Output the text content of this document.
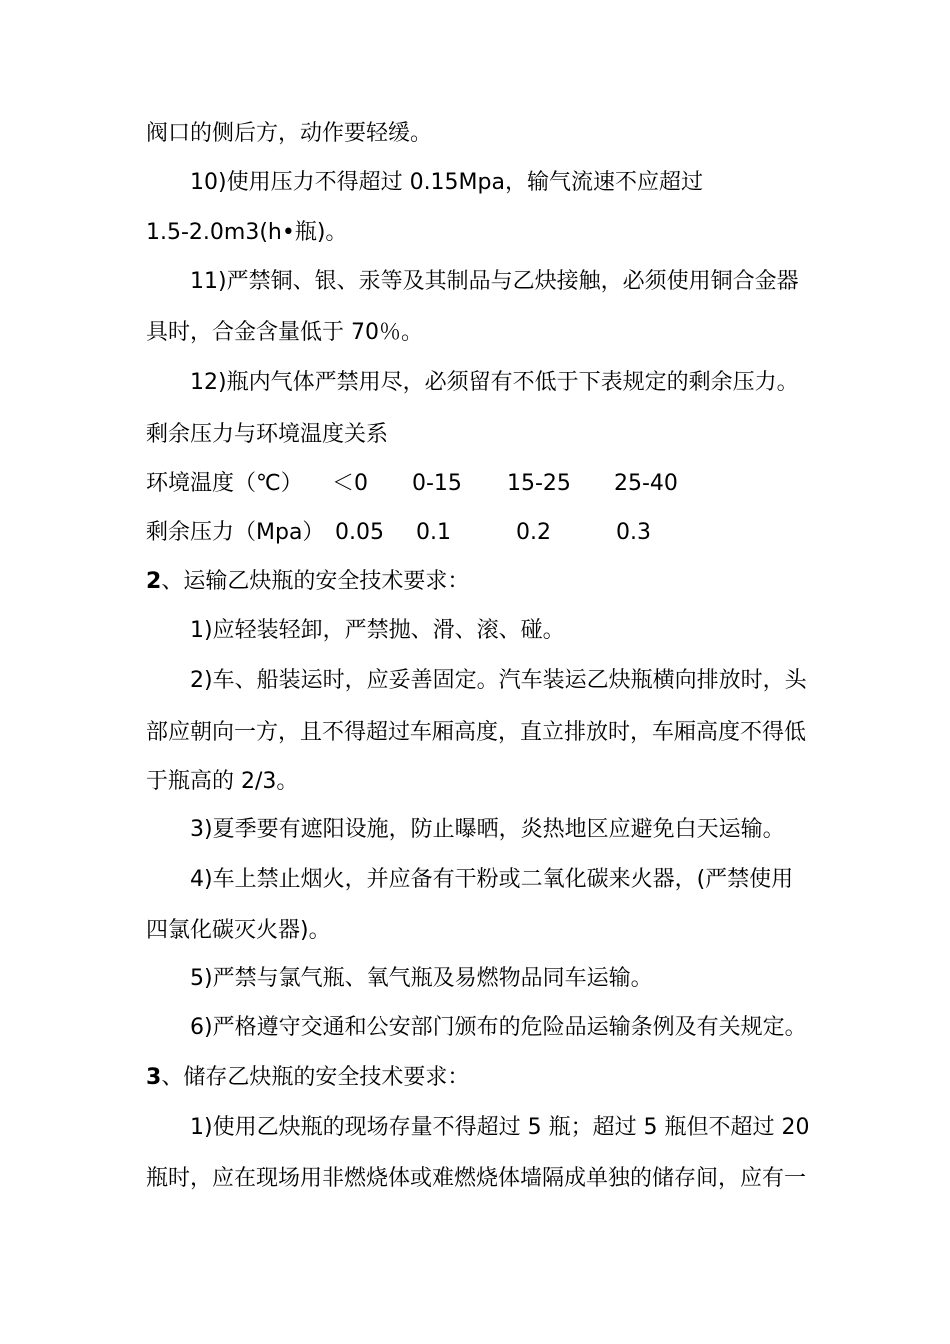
阀口的侧后方，动作要轻缓。
10)使用压力不得超过 0.15Mpa，输气流速不应超过
1.5-2.0m3(h•瓶)。
11)严禁铜、银、汞等及其制品与乙炔接触，必须使用铜合金器
具时，合金含量低于 70％。
12)瓶内气体严禁用尽，必须留有不低于下表规定的剩余压力。
剩余压力与环境温度关系
环境温度（℃） ＜0 0-15 15-25 25-40
剩余压力（Mpa） 0.05 0.1	0.2	0.3
2、运输乙炔瓶的安全技术要求：
1)应轻装轻卸，严禁抛、滑、滚、碰。
2)车、船装运时，应妥善固定。汽车装运乙炔瓶横向排放时，头
部应朝向一方，且不得超过车厢高度，直立排放时，车厢高度不得低
于瓶高的 2/3。
3)夏季要有遮阳设施，防止曝晒，炎热地区应避免白天运输。
4)车上禁止烟火，并应备有干粉或二氧化碳来火器，(严禁使用
四氯化碳灭火器)。
5)严禁与氯气瓶、氧气瓶及易燃物品同车运输。
6)严格遵守交通和公安部门颁布的危险品运输条例及有关规定。
3、储存乙炔瓶的安全技术要求：
1)使用乙炔瓶的现场存量不得超过 5 瓶；超过 5 瓶但不超过 20
瓶时，应在现场用非燃烧体或难燃烧体墙隔成单独的储存间，应有一
